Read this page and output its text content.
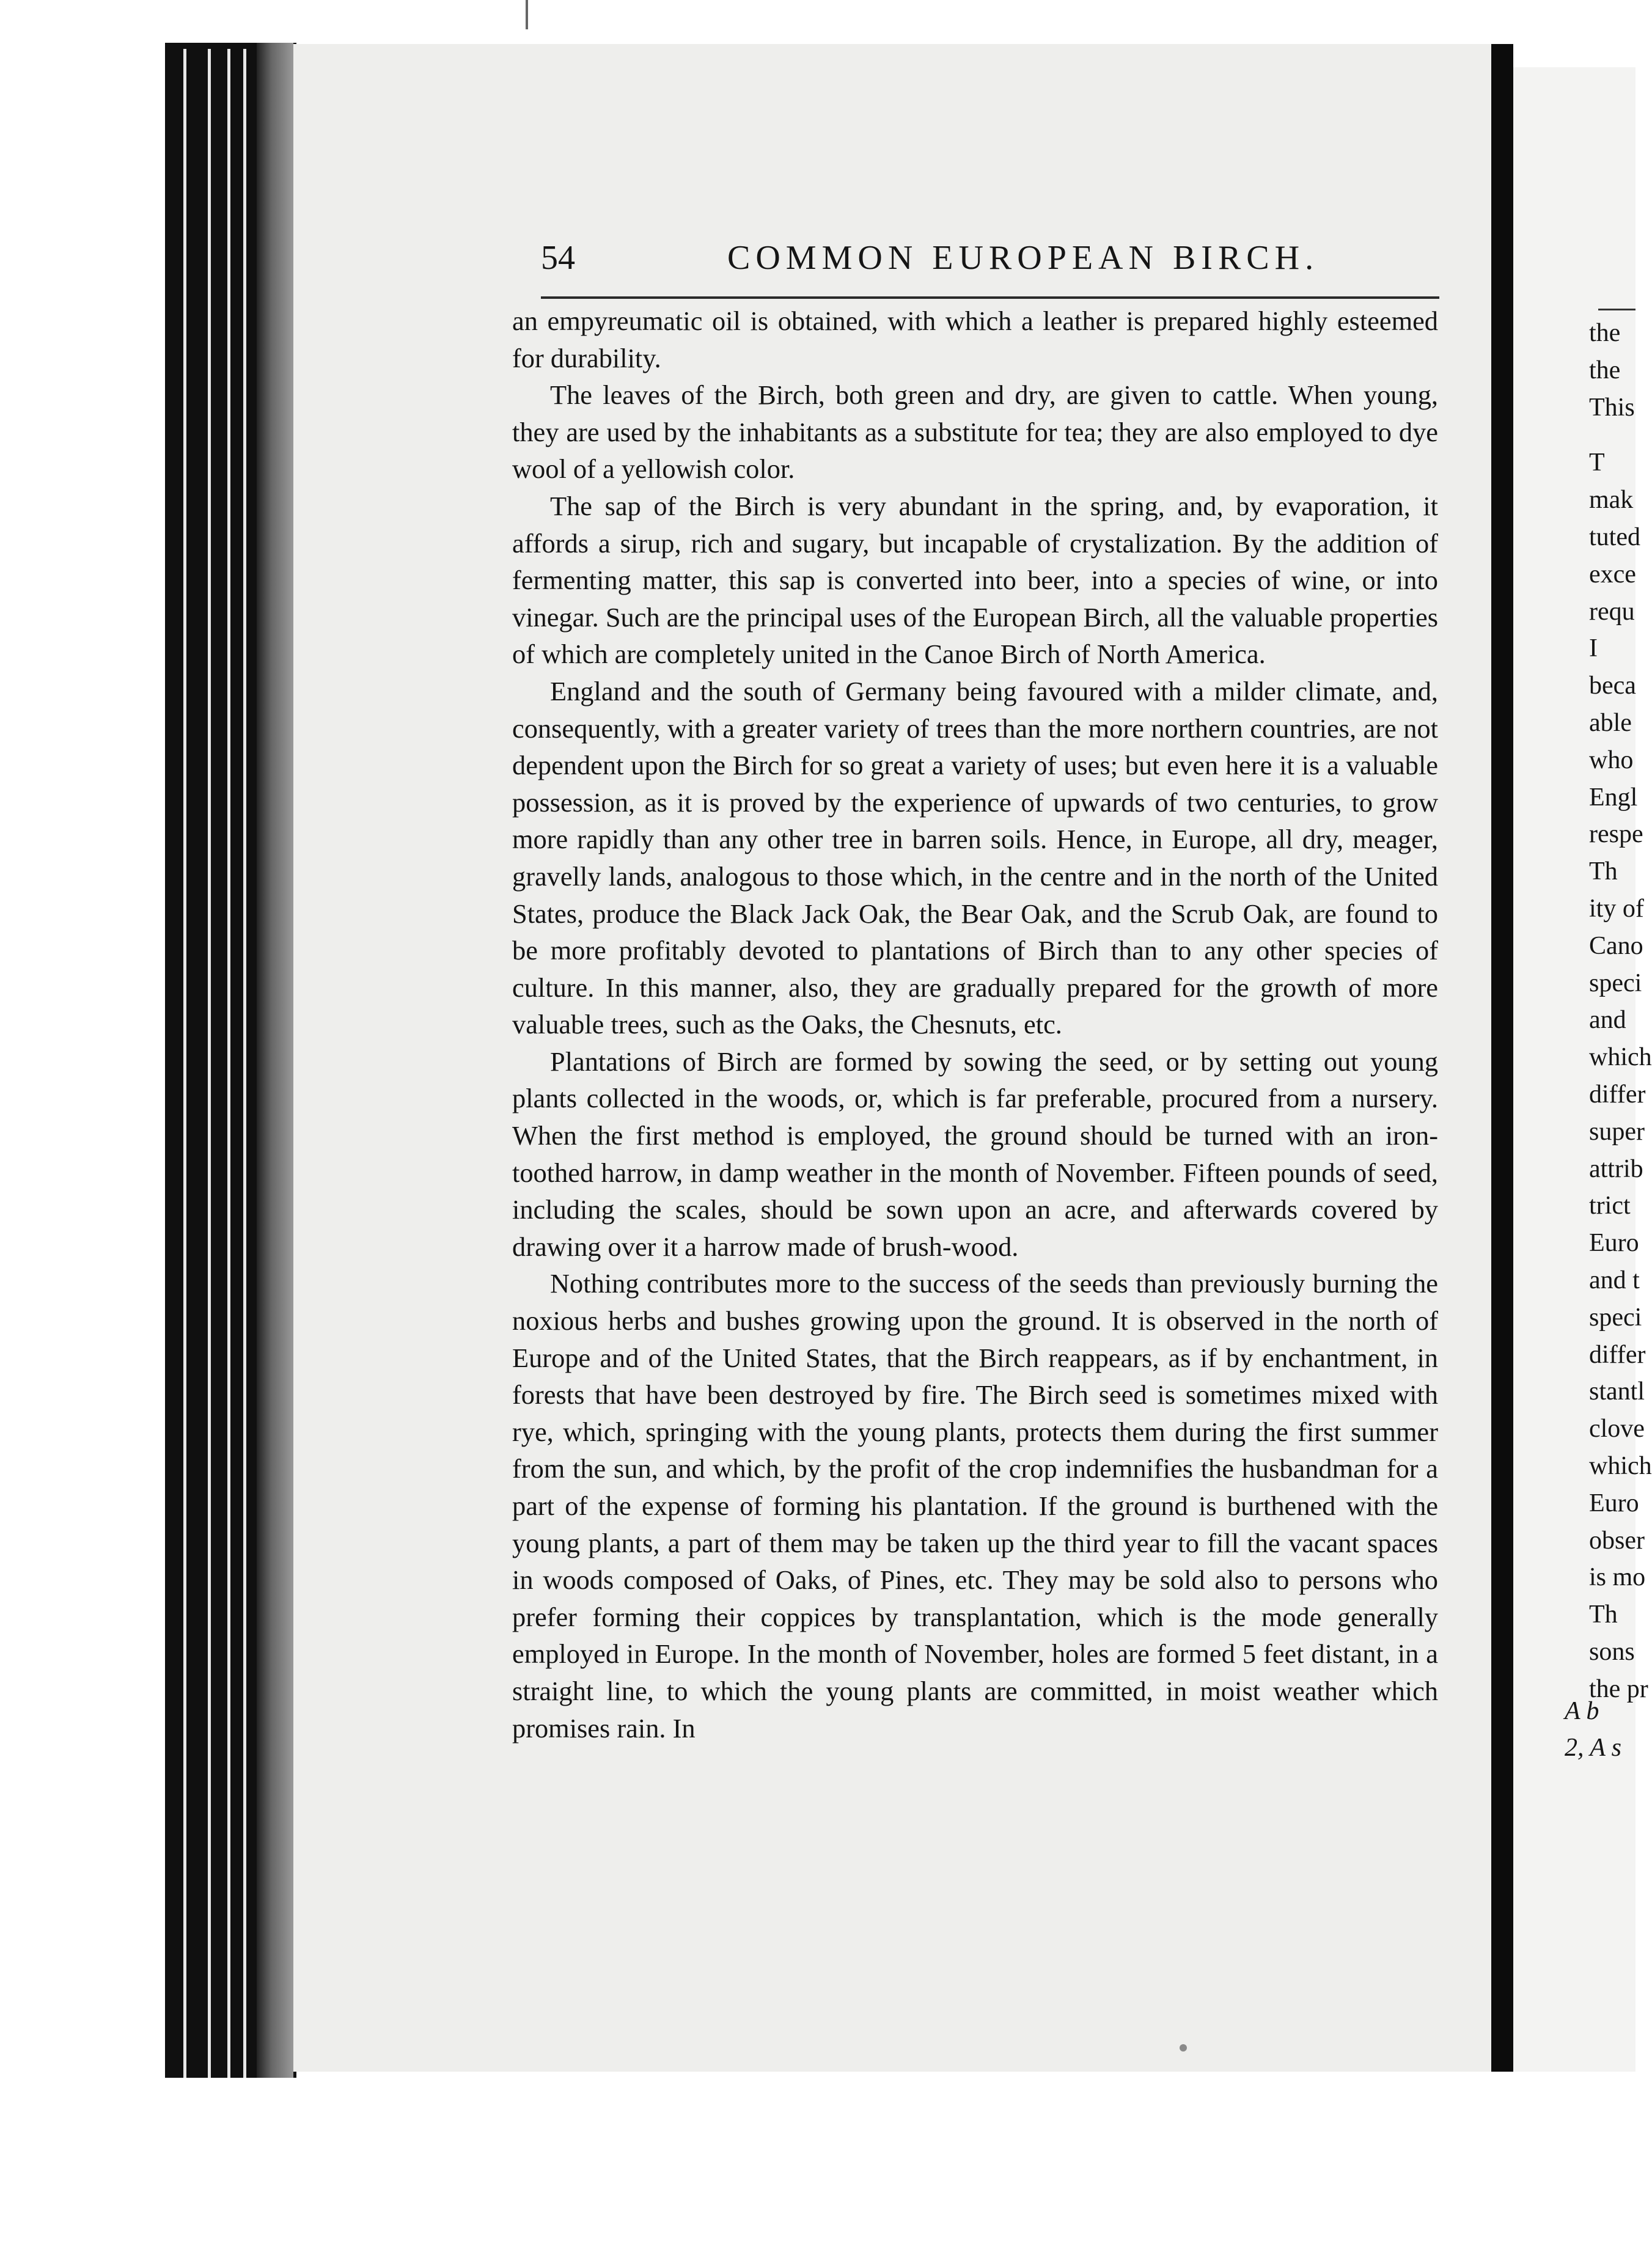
54	COMMON EUROPEAN BIRCH.

an empyreumatic oil is obtained, with which a leather is prepared highly esteemed for durability.

The leaves of the Birch, both green and dry, are given to cattle. When young, they are used by the inhabitants as a substitute for tea; they are also employed to dye wool of a yellowish color.

The sap of the Birch is very abundant in the spring, and, by evaporation, it affords a sirup, rich and sugary, but incapable of crystalization. By the addition of fermenting matter, this sap is converted into beer, into a species of wine, or into vinegar. Such are the principal uses of the European Birch, all the valuable properties of which are completely united in the Canoe Birch of North America.

England and the south of Germany being favoured with a milder climate, and, consequently, with a greater variety of trees than the more northern countries, are not dependent upon the Birch for so great a variety of uses; but even here it is a valuable possession, as it is proved by the experience of upwards of two centuries, to grow more rapidly than any other tree in barren soils. Hence, in Europe, all dry, meager, gravelly lands, analogous to those which, in the centre and in the north of the United States, produce the Black Jack Oak, the Bear Oak, and the Scrub Oak, are found to be more profitably devoted to plantations of Birch than to any other species of culture. In this manner, also, they are gradually prepared for the growth of more valuable trees, such as the Oaks, the Chesnuts, etc.

Plantations of Birch are formed by sowing the seed, or by setting out young plants collected in the woods, or, which is far preferable, procured from a nursery. When the first method is employed, the ground should be turned with an iron-toothed harrow, in damp weather in the month of November. Fifteen pounds of seed, including the scales, should be sown upon an acre, and afterwards covered by drawing over it a harrow made of brush-wood.

Nothing contributes more to the success of the seeds than previously burning the noxious herbs and bushes growing upon the ground. It is observed in the north of Europe and of the United States, that the Birch reappears, as if by enchantment, in forests that have been destroyed by fire. The Birch seed is sometimes mixed with rye, which, springing with the young plants, protects them during the first summer from the sun, and which, by the profit of the crop indemnifies the husbandman for a part of the expense of forming his plantation. If the ground is burthened with the young plants, a part of them may be taken up the third year to fill the vacant spaces in woods composed of Oaks, of Pines, etc. They may be sold also to persons who prefer forming their coppices by transplantation, which is the mode generally employed in Europe. In the month of November, holes are formed 5 feet distant, in a straight line, to which the young plants are committed, in moist weather which promises rain. In

the
the
This
T
mak
tuted
exce
requ
I
beca
able
who
Engl
respe
Th
ity of
Cano
speci
and
which
differ
super
attrib
trict
Euro
and t
speci
differ
stantl
clove
which
Euro
obser
is mo
Th
sons
the pr
A b
2, A s
